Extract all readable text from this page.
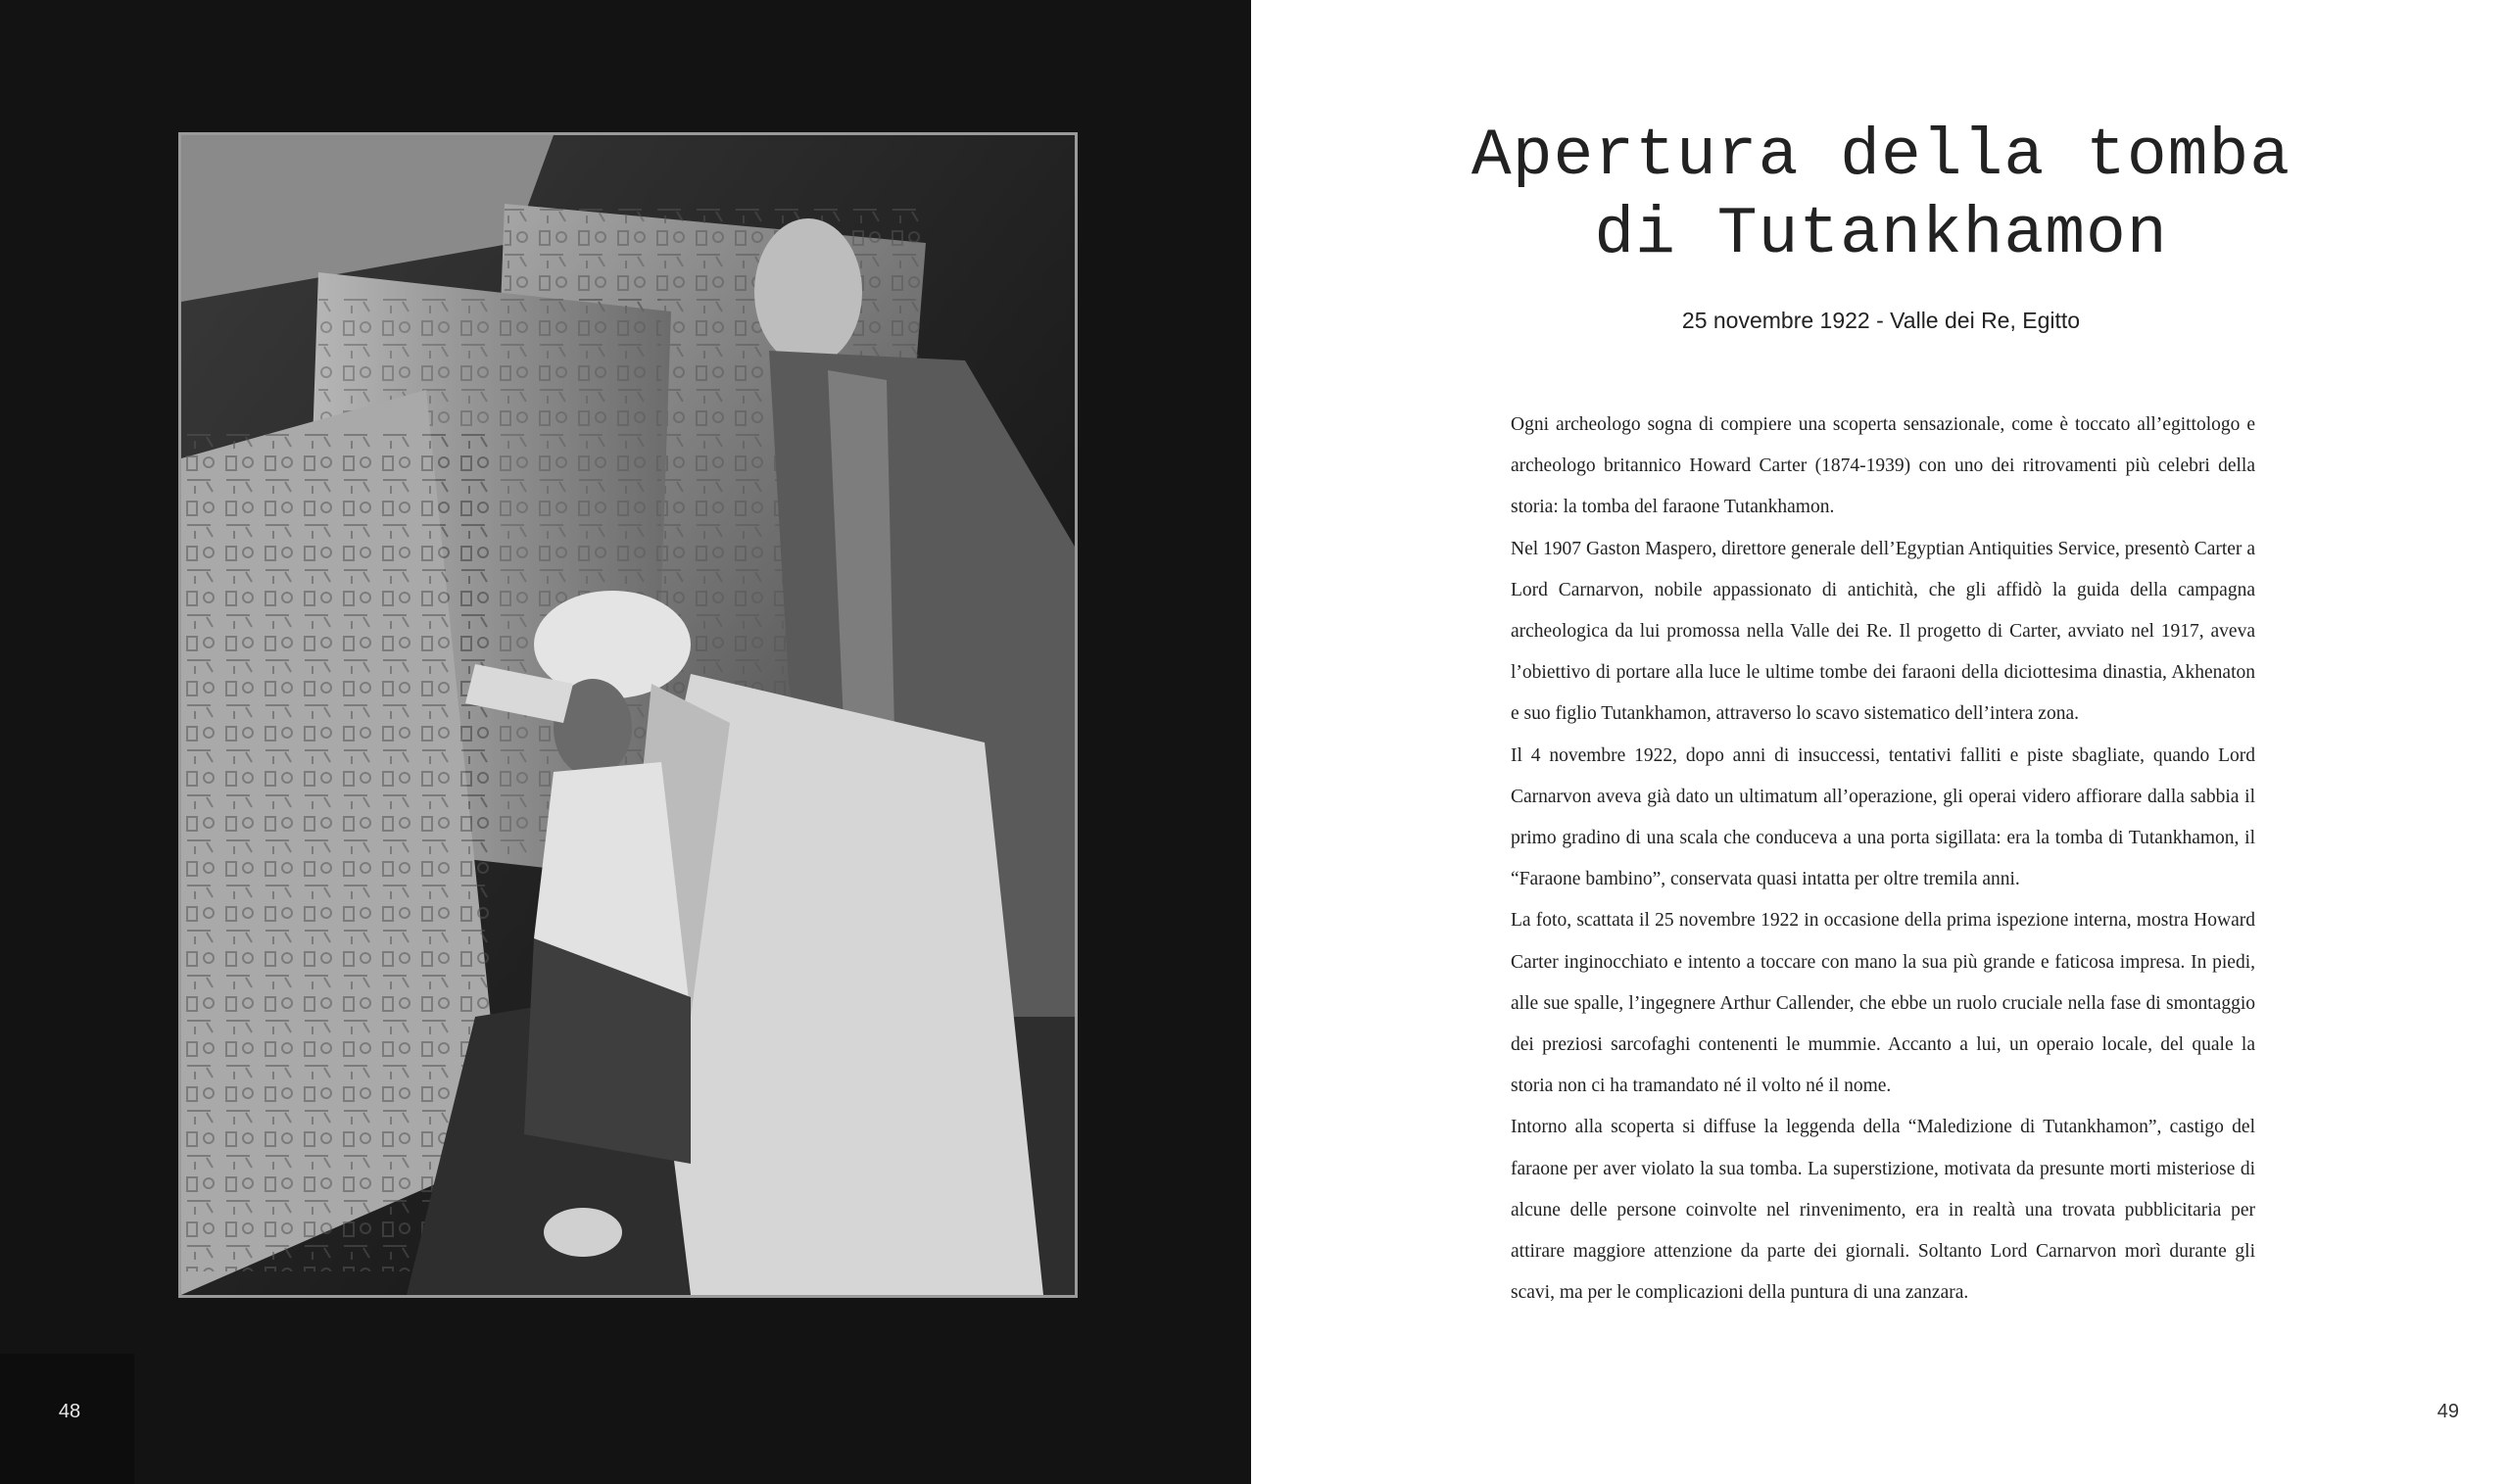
48
Apertura della tomba
di Tutankhamon
25 novembre 1922 - Valle dei Re, Egitto

Ogni archeologo sogna di compiere una scoperta sensazionale, come è toccato all’egittologo e archeologo britannico Howard Carter (1874-1939) con uno dei ritrovamenti più celebri della storia: la tomba del faraone Tutankhamon.

Nel 1907 Gaston Maspero, direttore generale dell’Egyptian Antiquities Service, presentò Carter a Lord Carnarvon, nobile appassionato di antichità, che gli affidò la guida della campagna archeologica da lui promossa nella Valle dei Re. Il progetto di Carter, avviato nel 1917, aveva l’obiettivo di portare alla luce le ultime tombe dei faraoni della diciottesima dinastia, Akhenaton e suo figlio Tutankhamon, attraverso lo scavo sistematico dell’intera zona.

Il 4 novembre 1922, dopo anni di insuccessi, tentativi falliti e piste sbagliate, quando Lord Carnarvon aveva già dato un ultimatum all’operazione, gli operai videro affiorare dalla sabbia il primo gradino di una scala che conduceva a una porta sigillata: era la tomba di Tutankhamon, il “Faraone bambino”, conservata quasi intatta per oltre tremila anni.

La foto, scattata il 25 novembre 1922 in occasione della prima ispezione interna, mostra Howard Carter inginocchiato e intento a toccare con mano la sua più grande e faticosa impresa. In piedi, alle sue spalle, l’ingegnere Arthur Callender, che ebbe un ruolo cruciale nella fase di smontaggio dei preziosi sarcofaghi contenenti le mummie. Accanto a lui, un operaio locale, del quale la storia non ci ha tramandato né il volto né il nome.

Intorno alla scoperta si diffuse la leggenda della “Maledizione di Tutankhamon”, castigo del faraone per aver violato la sua tomba. La superstizione, motivata da presunte morti misteriose di alcune delle persone coinvolte nel rinvenimento, era in realtà una trovata pubblicitaria per attirare maggiore attenzione da parte dei giornali. Soltanto Lord Carnarvon morì durante gli scavi, ma per le complicazioni della puntura di una zanzara.

49
